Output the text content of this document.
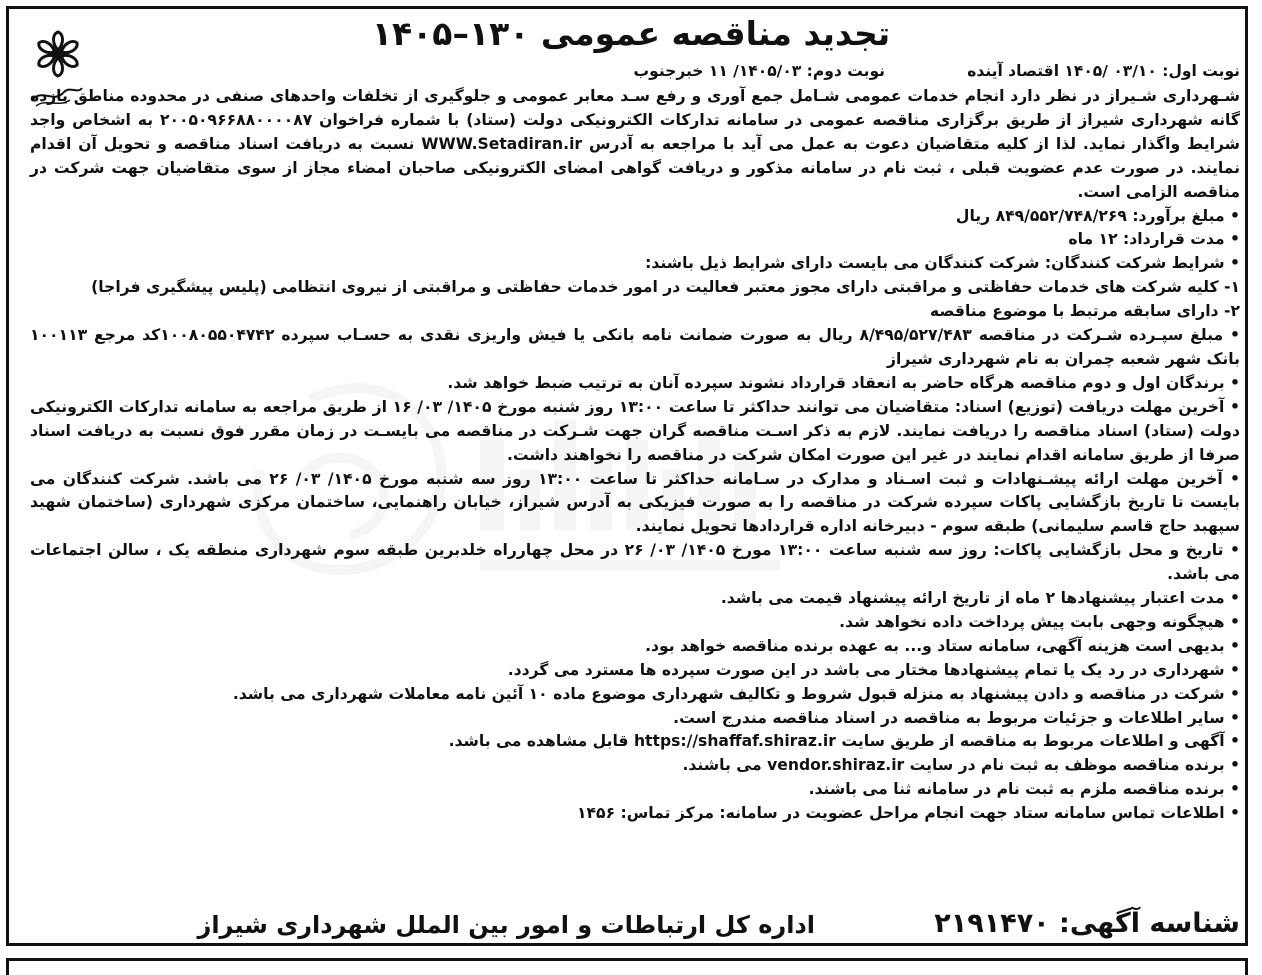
تجدید مناقصه عمومی ۱۳۰–۱۴۰۵
نوبت اول: ۰۳/۱۰ /۱۴۰۵ اقتصاد آینده
نوبت دوم: ۱۴۰۵/۰۳/ ۱۱ خبرجنوب

شـهرداری شـیراز در نظر دارد انجام خدمات عمومی شـامل جمع آوری و رفع سـد معابر عمومی و جلوگیری از تخلفات واحدهای صنفی در محدوده مناطق یازده گانه شهرداری شیراز از طریق برگزاری مناقصه عمومی در سامانه تدارکات الکترونیکی دولت (ستاد) با شماره فراخوان ۲۰۰۵۰۹۶۶۸۸۰۰۰۰۸۷ به اشخاص واجد شرایط واگذار نماید. لذا از کلیه متقاضیان دعوت به عمل می آید با مراجعه به آدرس WWW.Setadiran.ir نسبت به دریافت اسناد مناقصه و تحویل آن اقدام نمایند. در صورت عدم عضویت قبلی ، ثبت نام در سامانه مذکور و دریافت گواهی امضای الکترونیکی صاحبان امضاء مجاز از سوی متقاضیان جهت شرکت در مناقصه الزامی است.

• مبلغ برآورد: ۸۴۹/۵۵۲/۷۴۸/۲۶۹ ریال

• مدت قرارداد: ۱۲ ماه

• شرایط شرکت کنندگان: شرکت کنندگان می بایست دارای شرایط ذیل باشند:

۱- کلیه شرکت های خدمات حفاظتی و مراقبتی دارای مجوز معتبر فعالیت در امور خدمات حفاظتی و مراقبتی از نیروی انتظامی (پلیس پیشگیری فراجا)

۲- دارای سابقه مرتبط با موضوع مناقصه

• مبلغ سپـرده شـرکت در مناقصه ۸/۴۹۵/۵۲۷/۴۸۳ ریال به صورت ضمانت نامه بانکی یا فیش واریزی نقدی به حسـاب سپرده ۱۰۰۸۰۵۵۰۴۷۴۲کد مرجع ۱۰۰۱۱۳ بانک شهر شعبه چمران به نام شهرداری شیراز

• برندگان اول و دوم مناقصه هرگاه حاضر به انعقاد قرارداد نشوند سپرده آنان به ترتیب ضبط خواهد شد.

• آخرین مهلت دریافت (توزیع) اسناد: متقاضیان می توانند حداکثر تا ساعت ۱۳:۰۰ روز شنبه مورخ ۱۴۰۵/ ۰۳/ ۱۶ از طریق مراجعه به سامانه تدارکات الکترونیکی دولت (ستاد) اسناد مناقصه را دریافت نمایند. لازم به ذکر اسـت مناقصه گران جهت شـرکت در مناقصه می بایسـت در زمان مقرر فوق نسبت به دریافت اسناد صرفا از طریق سامانه اقدام نمایند در غیر این صورت امکان شرکت در مناقصه را نخواهند داشت.

• آخرین مهلت ارائه پیشـنهادات و ثبت اسـناد و مدارک در سـامانه حداکثر تا ساعت ۱۳:۰۰ روز سه شنبه مورخ ۱۴۰۵/ ۰۳/ ۲۶ می باشد. شرکت کنندگان می بایست تا تاریخ بازگشایی پاکات سپرده شرکت در مناقصه را به صورت فیزیکی به آدرس شیراز، خیابان راهنمایی، ساختمان مرکزی شهرداری (ساختمان شهید سپهبد حاج قاسم سلیمانی) طبقه سوم - دبیرخانه اداره قراردادها تحویل نمایند.

• تاریخ و محل بازگشایی پاکات: روز سه شنبه ساعت ۱۳:۰۰ مورخ ۱۴۰۵/ ۰۳/ ۲۶ در محل چهارراه خلدبرین طبقه سوم شهرداری منطقه یک ، سالن اجتماعات می باشد.

• مدت اعتبار پیشنهادها ۲ ماه از تاریخ ارائه پیشنهاد قیمت می باشد.

• هیچگونه وجهی بابت پیش پرداخت داده نخواهد شد.

• بدیهی است هزینه آگهی، سامانه ستاد و... به عهده برنده مناقصه خواهد بود.

• شهرداری در رد یک یا تمام پیشنهادها مختار می باشد در این صورت سپرده ها مسترد می گردد.

• شرکت در مناقصه و دادن پیشنهاد به منزله قبول شروط و تکالیف شهرداری موضوع ماده ۱۰ آئین نامه معاملات شهرداری می باشد.

• سایر اطلاعات و جزئیات مربوط به مناقصه در اسناد مناقصه مندرج است.

• آگهی و اطلاعات مربوط به مناقصه از طریق سایت https://shaffaf.shiraz.ir قابل مشاهده می باشد.

• برنده مناقصه موظف به ثبت نام در سایت vendor.shiraz.ir می باشند.

• برنده مناقصه ملزم به ثبت نام در سامانه ثنا می باشند.

• اطلاعات تماس سامانه ستاد جهت انجام مراحل عضویت در سامانه: مرکز تماس: ۱۴۵۶

شناسه آگهی: ۲۱۹۱۴۷۰
اداره کل ارتباطات و امور بین الملل شهرداری شیراز
